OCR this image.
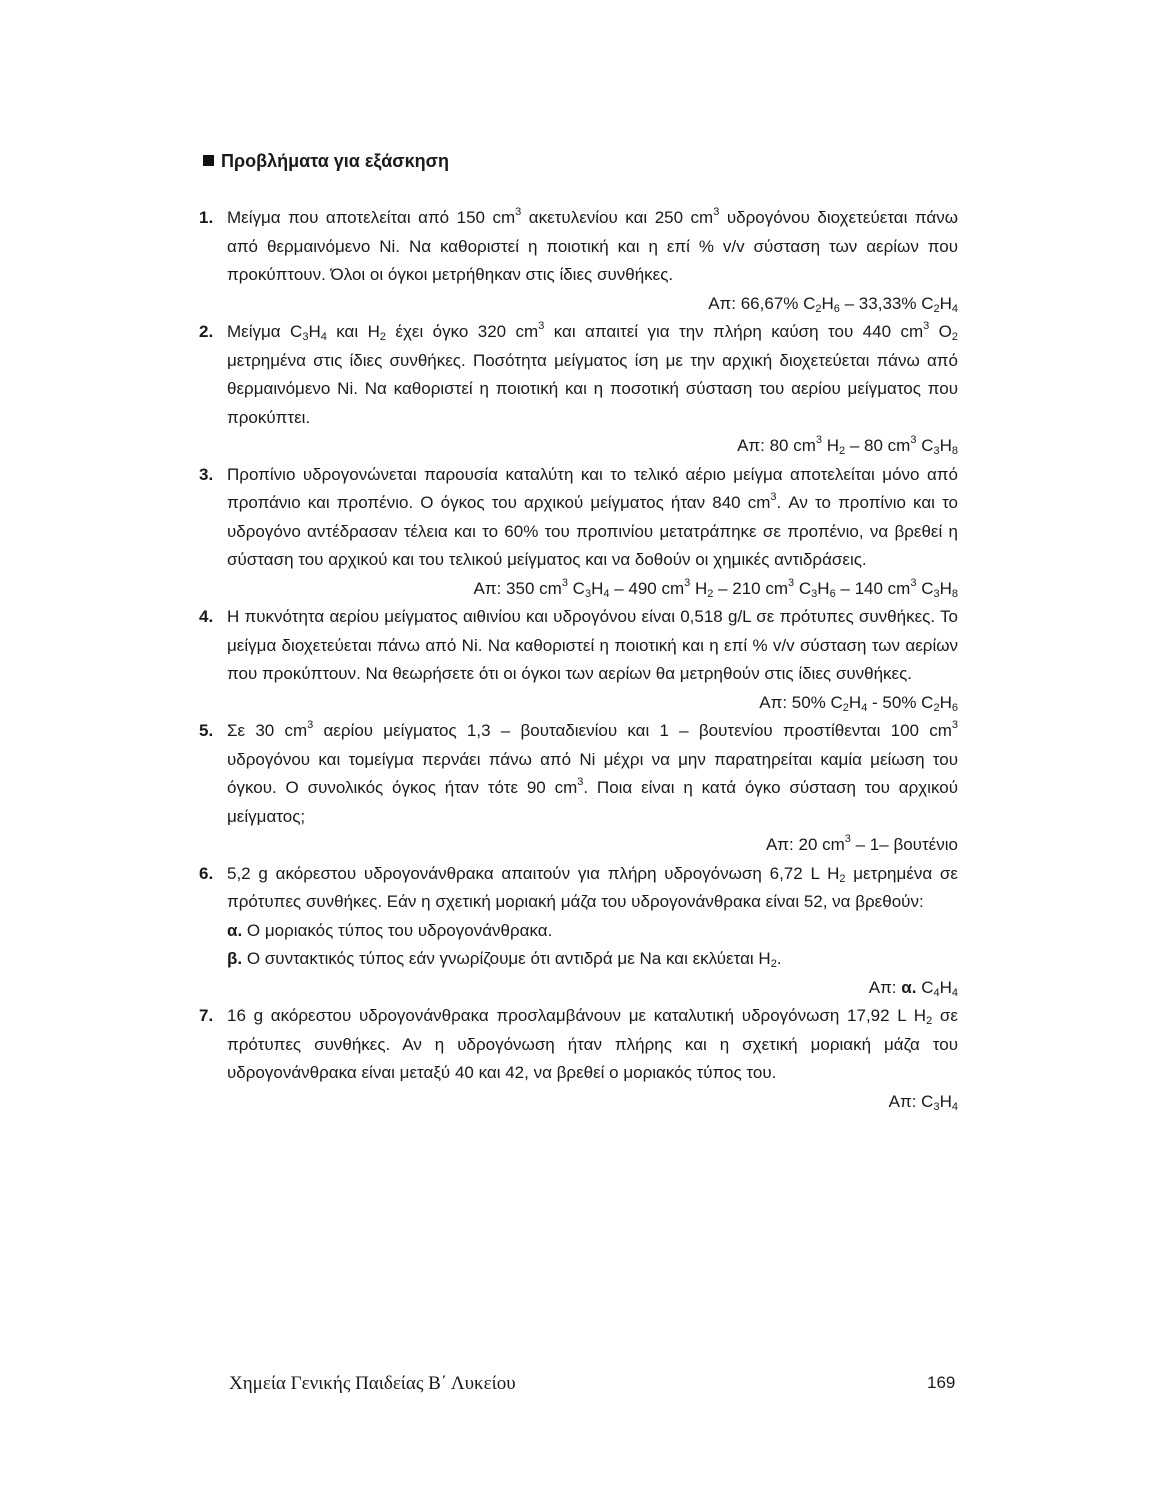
Προβλήματα για εξάσκηση
1. Μείγμα που αποτελείται από 150 $cm^3$ ακετυλενίου και 250 $cm^3$ υδρογόνου διοχετεύεται πάνω από θερμαινόμενο Ni. Να καθοριστεί η ποιοτική και η επί % v/v σύσταση των αερίων που προκύπτουν. Όλοι οι όγκοι μετρήθηκαν στις ίδιες συνθήκες.

Απ: 66,67% $C_2H_6 - 33,33\%$ $C_2H_4$

2. Μείγμα $C_3H_4$ και $H_2$ έχει όγκο 320 $cm^3$ και απαιτεί για την πλήρη καύση του 440 $cm^3$ $O_2$ μετρημένα στις ίδιες συνθήκες. Ποσότητα μείγματος ίση με την αρχική διοχετεύεται πάνω από θερμαινόμενο Ni. Να καθοριστεί η ποιοτική και η ποσοτική σύσταση του αερίου μείγματος που προκύπτει.

Απ: 80 $cm^3$ $H_2 - 80$ $cm^3$ $C_3H_8$

3. Προπίνιο υδρογονώνεται παρουσία καταλύτη και το τελικό αέριο μείγμα αποτελείται μόνο από προπάνιο και προπένιο. Ο όγκος του αρχικού μείγματος ήταν 840 $cm^3$. Αν το προπίνιο και το υδρογόνο αντέδρασαν τέλεια και το 60% του προπινίου μετατράπηκε σε προπένιο, να βρεθεί η σύσταση του αρχικού και του τελικού μείγματος και να δοθούν οι χημικές αντιδράσεις.

Απ: 350 $cm^3$ $C_3H_4 - 490$ $cm^3$ $H_2 - 210$ $cm^3$ $C_3H_6 - 140$ $cm^3$ $C_3H_8$

4. Η πυκνότητα αερίου μείγματος αιθινίου και υδρογόνου είναι 0,518 g/L σε πρότυπες συνθήκες. Το μείγμα διοχετεύεται πάνω από Ni. Να καθοριστεί η ποιοτική και η επί % v/v σύσταση των αερίων που προκύπτουν. Να θεωρήσετε ότι οι όγκοι των αερίων θα μετρηθούν στις ίδιες συνθήκες.

Απ: 50% $C_2H_4 - 50\%$ $C_2H_6$

5. Σε 30 $cm^3$ αερίου μείγματος 1,3 – βουταδιενίου και 1 – βουτενίου προστίθενται 100 $cm^3$ υδρογόνου και τομείγμα περνάει πάνω από Ni μέχρι να μην παρατηρείται καμία μείωση του όγκου. Ο συνολικός όγκος ήταν τότε 90 $cm^3$. Ποια είναι η κατά όγκο σύσταση του αρχικού μείγματος;

Απ: 20 $cm^3 - 1-$ βουτένιο

6. 5,2 g ακόρεστου υδρογονάνθρακα απαιτούν για πλήρη υδρογόνωση 6,72 L $H_2$ μετρημένα σε πρότυπες συνθήκες. Εάν η σχετική μοριακή μάζα του υδρογονάνθρακα είναι 52, να βρεθούν:

α. Ο μοριακός τύπος του υδρογονάνθρακα.

β. Ο συντακτικός τύπος εάν γνωρίζουμε ότι αντιδρά με Na και εκλύεται $H_2$.

Απ: α. $C_4H_4$

7. 16 g ακόρεστου υδρογονάνθρακα προσλαμβάνουν με καταλυτική υδρογόνωση 17,92 L $H_2$ σε πρότυπες συνθήκες. Αν η υδρογόνωση ήταν πλήρης και η σχετική μοριακή μάζα του υδρογονάνθρακα είναι μεταξύ 40 και 42, να βρεθεί ο μοριακός τύπος του.

Απ: $C_3H_4$

Χημεία Γενικής Παιδείας Β΄ Λυκείου	169
